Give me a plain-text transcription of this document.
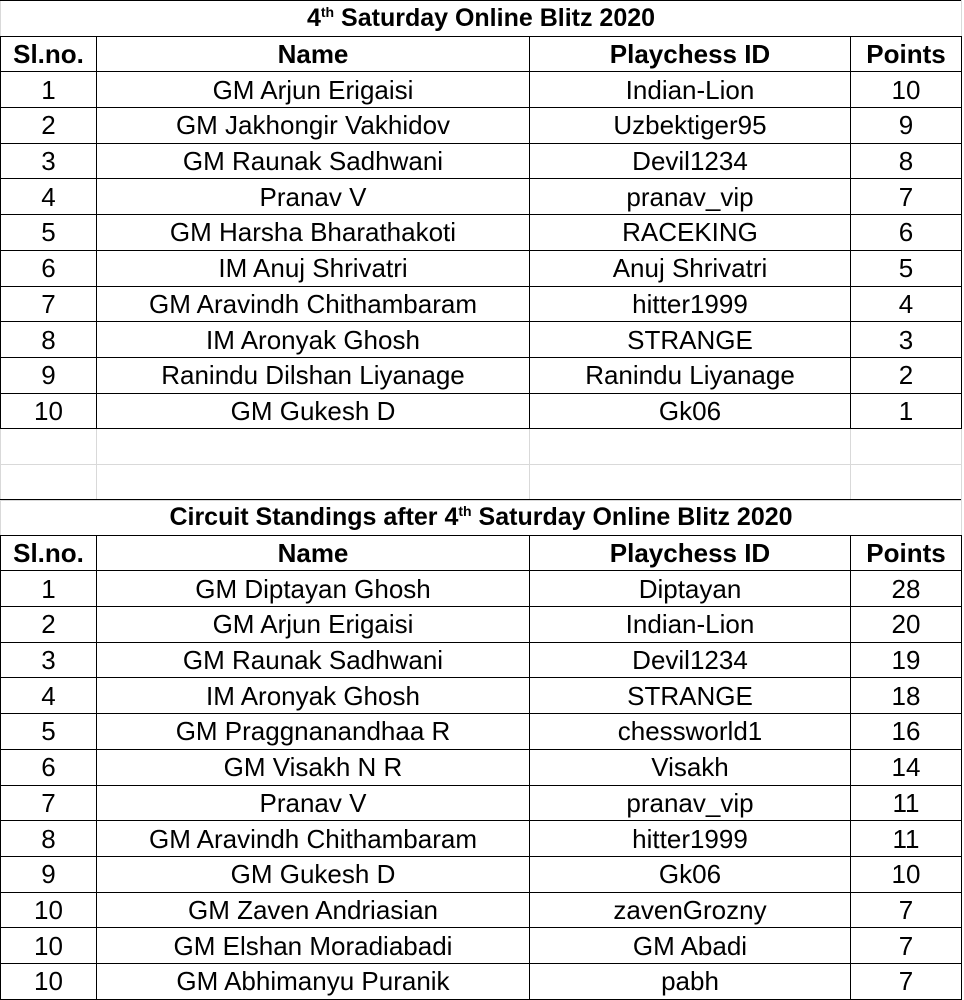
4th Saturday Online Blitz 2020			
Sl.no.	Name	Playchess ID	Points
1	GM Arjun Erigaisi	Indian-Lion	10
2	GM Jakhongir Vakhidov	Uzbektiger95	9
3	GM Raunak Sadhwani	Devil1234	8
4	Pranav V	pranav_vip	7
5	GM Harsha Bharathakoti	RACEKING	6
6	IM Anuj Shrivatri	Anuj Shrivatri	5
7	GM Aravindh Chithambaram	hitter1999	4
8	IM Aronyak Ghosh	STRANGE	3
9	Ranindu Dilshan Liyanage	Ranindu Liyanage	2
10	GM Gukesh D	Gk06	1

Circuit Standings after 4th Saturday Online Blitz 2020			
Sl.no.	Name	Playchess ID	Points
1	GM Diptayan Ghosh	Diptayan	28
2	GM Arjun Erigaisi	Indian-Lion	20
3	GM Raunak Sadhwani	Devil1234	19
4	IM Aronyak Ghosh	STRANGE	18
5	GM Praggnanandhaa R	chessworld1	16
6	GM Visakh N R	Visakh	14
7	Pranav V	pranav_vip	11
8	GM Aravindh Chithambaram	hitter1999	11
9	GM Gukesh D	Gk06	10
10	GM Zaven Andriasian	zavenGrozny	7
10	GM Elshan Moradiabadi	GM Abadi	7
10	GM Abhimanyu Puranik	pabh	7
